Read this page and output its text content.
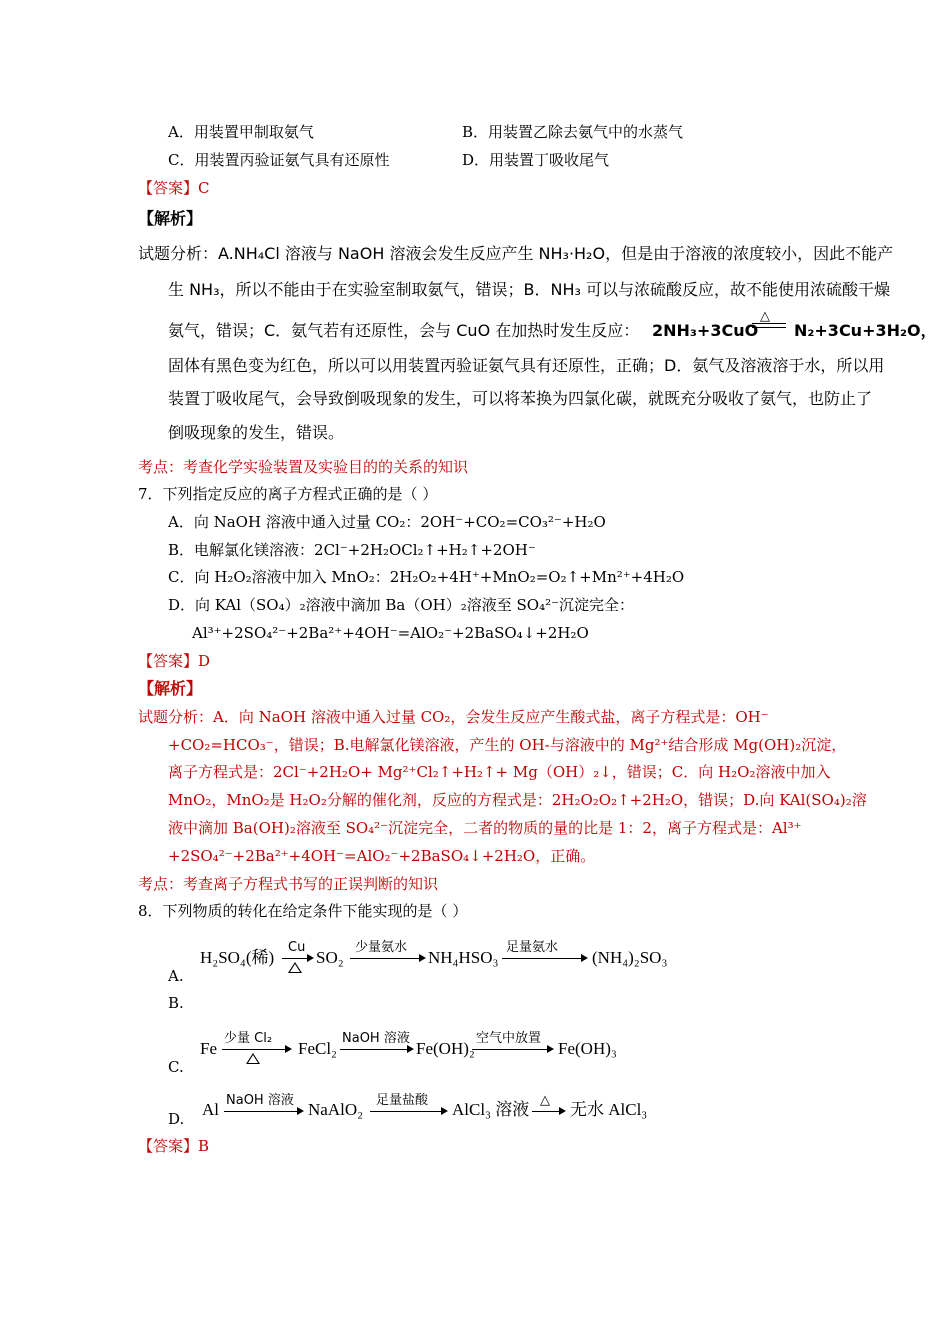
A．用装置甲制取氨气	B．用装置乙除去氨气中的水蒸气
C．用装置丙验证氨气具有还原性	D．用装置丁吸收尾气
【答案】C
【解析】
试题分析：A.NH₄Cl 溶液与 NaOH 溶液会发生反应产生 NH₃·H₂O，但是由于溶液的浓度较小，因此不能产
生 NH₃，所以不能由于在实验室制取氨气，错误；B．NH₃ 可以与浓硫酸反应，故不能使用浓硫酸干燥
氨气，错误；C．氨气若有还原性，会与 CuO 在加热时发生反应： 2NH₃+3CuO
△
N₂+3Cu+3H₂O，
固体有黑色变为红色，所以可以用装置丙验证氨气具有还原性，正确；D．氨气及溶液溶于水，所以用
装置丁吸收尾气，会导致倒吸现象的发生，可以将苯换为四氯化碳，就既充分吸收了氨气，也防止了
倒吸现象的发生，错误。
考点：考查化学实验装置及实验目的的关系的知识
7．下列指定反应的离子方程式正确的是（ ）
A．向 NaOH 溶液中通入过量 CO₂：2OH⁻+CO₂=CO₃²⁻+H₂O
B．电解氯化镁溶液：2Cl⁻+2H₂OCl₂↑+H₂↑+2OH⁻
C．向 H₂O₂溶液中加入 MnO₂：2H₂O₂+4H⁺+MnO₂=O₂↑+Mn²⁺+4H₂O
D．向 KAl（SO₄）₂溶液中滴加 Ba（OH）₂溶液至 SO₄²⁻沉淀完全：
Al³⁺+2SO₄²⁻+2Ba²⁺+4OH⁻=AlO₂⁻+2BaSO₄↓+2H₂O
【答案】D
【解析】
试题分析：A．向 NaOH 溶液中通入过量 CO₂，会发生反应产生酸式盐，离子方程式是：OH⁻
+CO₂=HCO₃⁻，错误；B.电解氯化镁溶液，产生的 OH-与溶液中的 Mg²⁺结合形成 Mg(OH)₂沉淀，
离子方程式是：2Cl⁻+2H₂O+ Mg²⁺Cl₂↑+H₂↑+ Mg（OH）₂↓，错误；C．向 H₂O₂溶液中加入
MnO₂，MnO₂是 H₂O₂分解的催化剂，反应的方程式是：2H₂O₂O₂↑+2H₂O，错误；D.向 KAl(SO₄)₂溶
液中滴加 Ba(OH)₂溶液至 SO₄²⁻沉淀完全，二者的物质的量的比是 1：2，离子方程式是：Al³⁺
+2SO₄²⁻+2Ba²⁺+4OH⁻=AlO₂⁻+2BaSO₄↓+2H₂O，正确。
考点：考查离子方程式书写的正误判断的知识
8．下列物质的转化在给定条件下能实现的是（ ）
A.
H₂SO₄(稀)
Cu
SO₂
少量氨水
NH₄HSO₃
足量氨水
(NH₄)₂SO₃
B.
Fe
少量 Cl₂
FeCl₂
NaOH 溶液
Fe(OH)₂
空气中放置
Fe(OH)₃
C.
Al NaOH 溶液 NaAlO₂ 足量盐酸 AlCl₃ 溶液 △ 无水 AlCl₃
D.
【答案】B
